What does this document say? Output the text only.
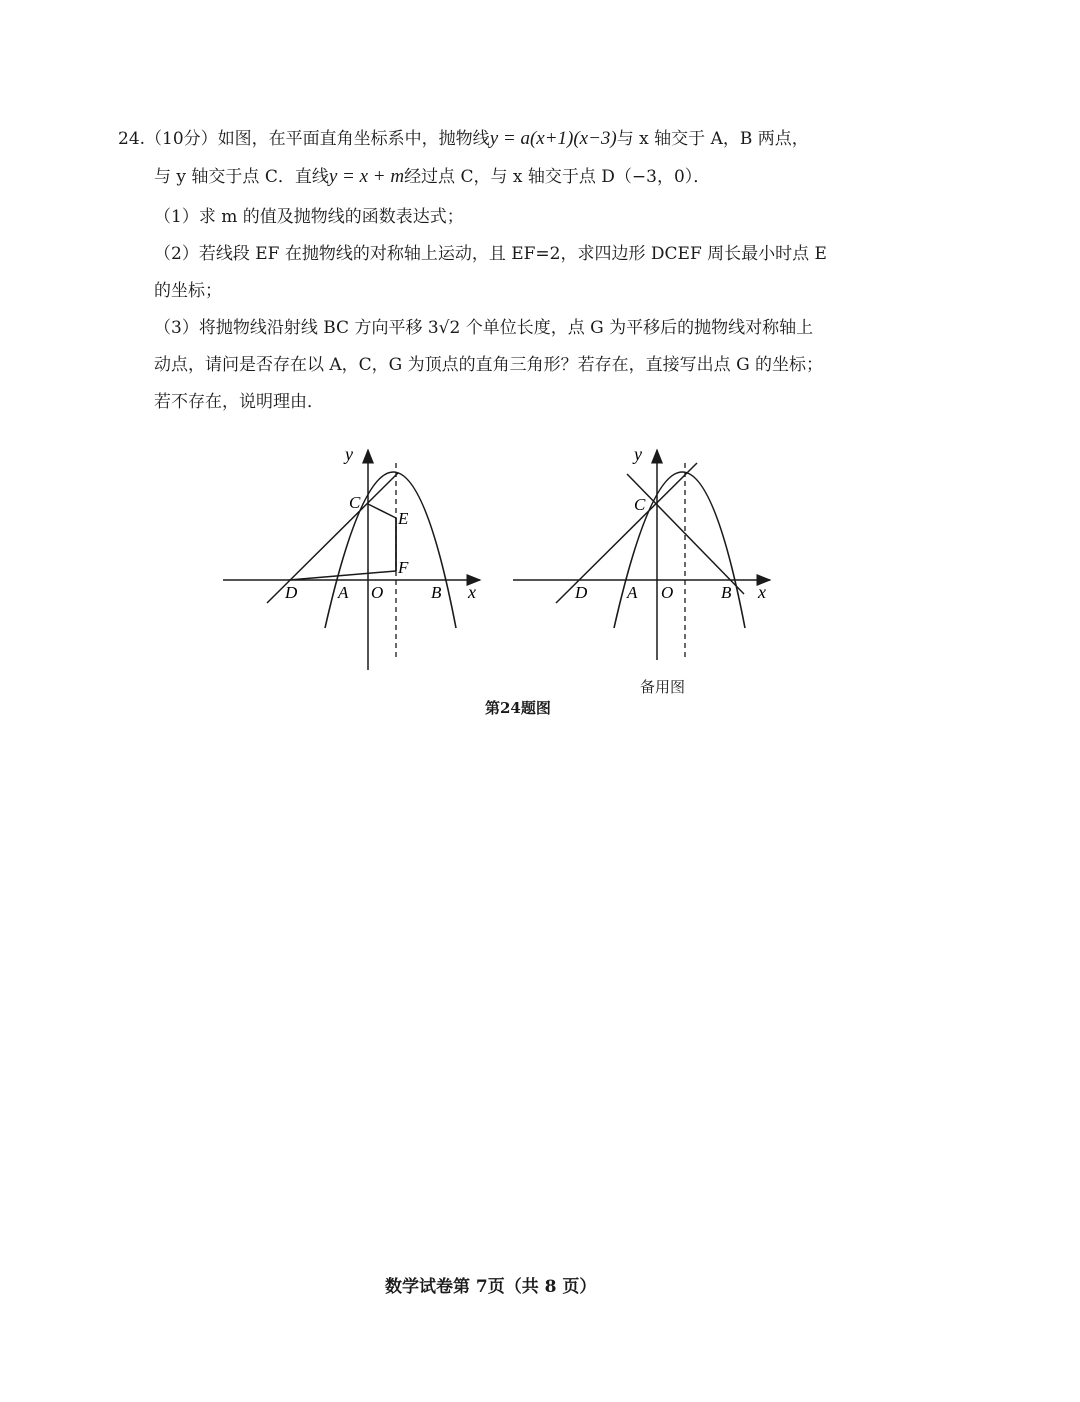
24.（10分）如图，在平面直角坐标系中，抛物线y = a(x+1)(x−3)与 x 轴交于 A，B 两点，
与 y 轴交于点 C．直线y = x + m经过点 C，与 x 轴交于点 D（−3，0）．
（1）求 m 的值及抛物线的函数表达式；
（2）若线段 EF 在抛物线的对称轴上运动，且 EF=2，求四边形 DCEF 周长最小时点 E
的坐标；
（3）将抛物线沿射线 BC 方向平移 3√2 个单位长度，点 G 为平移后的抛物线对称轴上
动点，请问是否存在以 A，C，G 为顶点的直角三角形？若存在，直接写出点 G 的坐标；
若不存在，说明理由．
y
C
E
F
D A O	B x
y
C
D A O	B x
备用图
第24题图
数学试卷第 7页（共 8 页）
